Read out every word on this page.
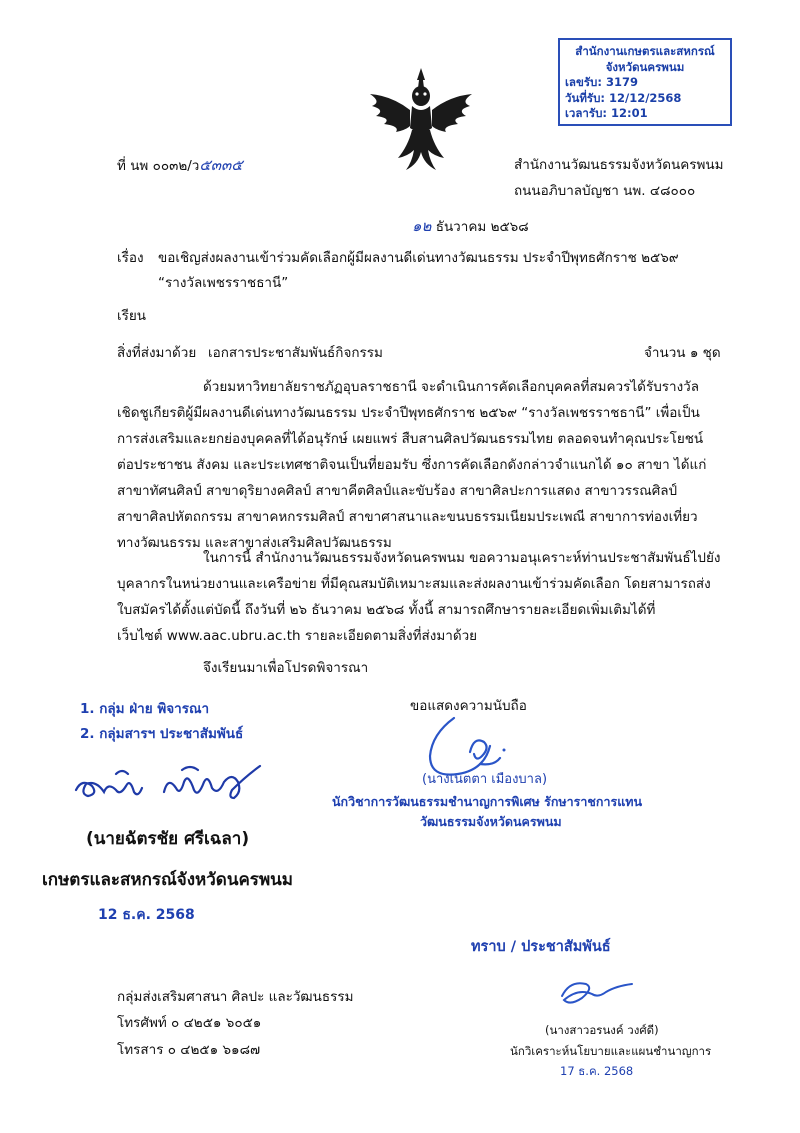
สำนักงานเกษตรและสหกรณ์
จังหวัดนครพนม
เลขรับ: 3179
วันที่รับ: 12/12/2568
เวลารับ: 12:01
ที่ นพ ๐๐๓๒/ว๕๓๓๕	สำนักงานวัฒนธรรมจังหวัดนครพนม
ถนนอภิบาลบัญชา นพ. ๔๘๐๐๐
๑๒ ธันวาคม ๒๕๖๘
เรื่อง ขอเชิญส่งผลงานเข้าร่วมคัดเลือกผู้มีผลงานดีเด่นทางวัฒนธรรม ประจำปีพุทธศักราช ๒๕๖๙
“รางวัลเพชรราชธานี”
เรียน
สิ่งที่ส่งมาด้วย เอกสารประชาสัมพันธ์กิจกรรม	จำนวน ๑ ชุด
ด้วยมหาวิทยาลัยราชภัฏอุบลราชธานี จะดำเนินการคัดเลือกบุคคลที่สมควรได้รับรางวัล
เชิดชูเกียรติผู้มีผลงานดีเด่นทางวัฒนธรรม ประจำปีพุทธศักราช ๒๕๖๙ “รางวัลเพชรราชธานี” เพื่อเป็น
การส่งเสริมและยกย่องบุคคลที่ได้อนุรักษ์ เผยแพร่ สืบสานศิลปวัฒนธรรมไทย ตลอดจนทำคุณประโยชน์
ต่อประชาชน สังคม และประเทศชาติจนเป็นที่ยอมรับ ซึ่งการคัดเลือกดังกล่าวจำแนกได้ ๑๐ สาขา ได้แก่
สาขาทัศนศิลป์ สาขาดุริยางคศิลป์ สาขาคีตศิลป์และขับร้อง สาขาศิลปะการแสดง สาขาวรรณศิลป์
สาขาศิลปหัตถกรรม สาขาคหกรรมศิลป์ สาขาศาสนาและขนบธรรมเนียมประเพณี สาขาการท่องเที่ยว
ทางวัฒนธรรม และสาขาส่งเสริมศิลปวัฒนธรรม
ในการนี้ สำนักงานวัฒนธรรมจังหวัดนครพนม ขอความอนุเคราะห์ท่านประชาสัมพันธ์ไปยัง
บุคลากรในหน่วยงานและเครือข่าย ที่มีคุณสมบัติเหมาะสมและส่งผลงานเข้าร่วมคัดเลือก โดยสามารถส่ง
ใบสมัครได้ตั้งแต่บัดนี้ ถึงวันที่ ๒๖ ธันวาคม ๒๕๖๘ ทั้งนี้ สามารถศึกษารายละเอียดเพิ่มเติมได้ที่
เว็บไซต์ www.aac.ubru.ac.th รายละเอียดตามสิ่งที่ส่งมาด้วย
จึงเรียนมาเพื่อโปรดพิจารณา
1. กลุ่ม ฝ่าย พิจารณา
2. กลุ่มสารฯ ประชาสัมพันธ์
(นายฉัตรชัย ศรีเฉลา)
เกษตรและสหกรณ์จังหวัดนครพนม
12 ธ.ค. 2568
ขอแสดงความนับถือ
(นางเนตตา เมืองบาล)
นักวิชาการวัฒนธรรมชำนาญการพิเศษ รักษาราชการแทน
วัฒนธรรมจังหวัดนครพนม
ทราบ / ประชาสัมพันธ์
(นางสาวอรนงค์ วงศ์ดี)
นักวิเคราะห์นโยบายและแผนชำนาญการ
17 ธ.ค. 2568
กลุ่มส่งเสริมศาสนา ศิลปะ และวัฒนธรรม
โทรศัพท์ ๐ ๔๒๕๑ ๖๐๕๑
โทรสาร ๐ ๔๒๕๑ ๖๑๘๗
